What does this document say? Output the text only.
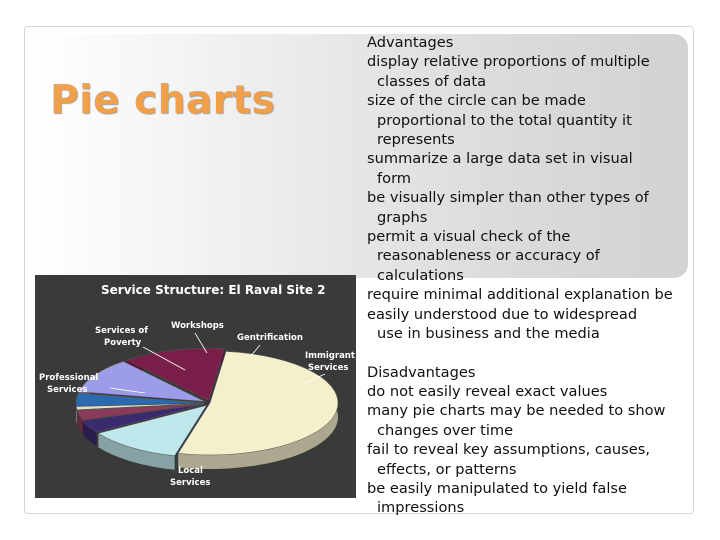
Pie charts
Advantages
display relative proportions of multiple
classes of data
size of the circle can be made
proportional to the total quantity it
represents
summarize a large data set in visual
form
be visually simpler than other types of
graphs
permit a visual check of the
reasonableness or accuracy of
calculations
require minimal additional explanation be
easily understood due to widespread
use in business and the media
Disadvantages
do not easily reveal exact values
many pie charts may be needed to show
changes over time
fail to reveal key assumptions, causes,
effects, or patterns
be easily manipulated to yield false
impressions
Service Structure: El Raval Site 2
Services of
Poverty
Workshops
Gentrification
Immigrant
Services
Professional
Services
Local
Services
